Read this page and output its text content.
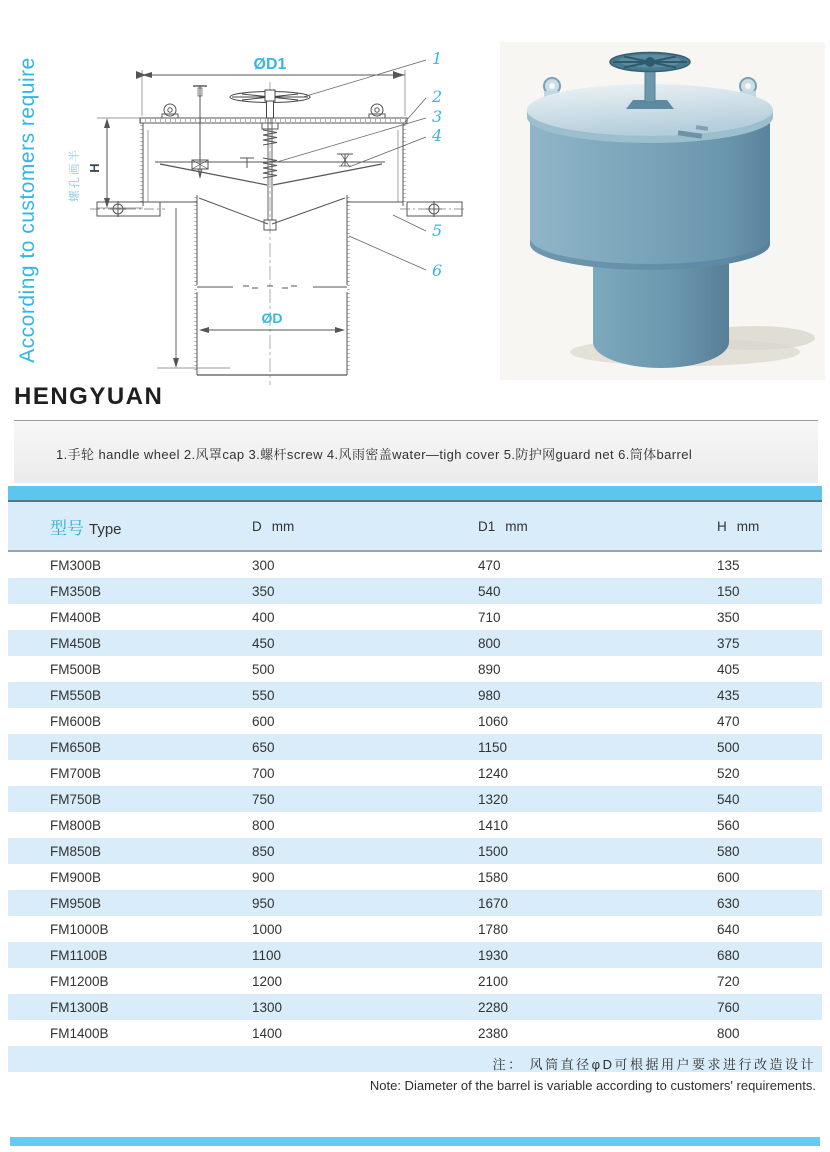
According to customers require	螺孔画半
ØD1
ØD
H
1
2
3
4
5
6
HENGYUAN
1.手轮 handle wheel 2.风罩cap 3.螺杆screw 4.风雨密盖water—tigh cover 5.防护网guard net 6.筒体barrel
型号 Type	D mm	D1 mm	H mm
FM300B	300	470	135
FM350B	350	540	150
FM400B	400	710	350
FM450B	450	800	375
FM500B	500	890	405
FM550B	550	980	435
FM600B	600	1060	470
FM650B	650	1150	500
FM700B	700	1240	520
FM750B	750	1320	540
FM800B	800	1410	560
FM850B	850	1500	580
FM900B	900	1580	600
FM950B	950	1670	630
FM1000B	1000	1780	640
FM1100B	1100	1930	680
FM1200B	1200	2100	720
FM1300B	1300	2280	760
FM1400B	1400	2380	800

注： 风筒直径φD可根据用户要求进行改造设计
Note: Diameter of the barrel is variable according to customers' requirements.
